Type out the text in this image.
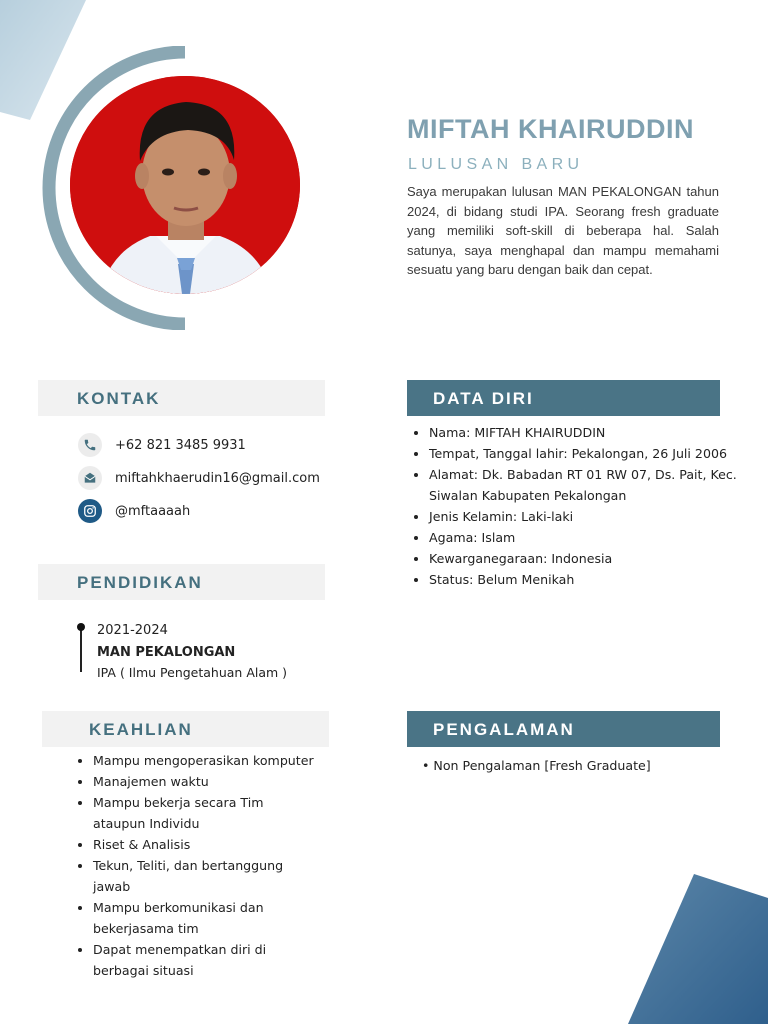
MIFTAH KHAIRUDDIN
LULUSAN BARU
Saya merupakan lulusan MAN PEKALONGAN tahun 2024, di bidang studi IPA. Seorang fresh graduate yang memiliki soft-skill di beberapa hal. Salah satunya, saya menghapal dan mampu memahami sesuatu yang baru dengan baik dan cepat.
KONTAK
+62 821 3485 9931
miftahkhaerudin16@gmail.com
@mftaaaah
DATA DIRI
• Nama: MIFTAH KHAIRUDDIN
• Tempat, Tanggal lahir: Pekalongan, 26 Juli 2006
• Alamat: Dk. Babadan RT 01 RW 07, Ds. Pait, Kec. Siwalan Kabupaten Pekalongan
• Jenis Kelamin: Laki-laki
• Agama: Islam
• Kewarganegaraan: Indonesia
• Status: Belum Menikah
PENDIDIKAN
2021-2024
MAN PEKALONGAN
IPA ( Ilmu Pengetahuan Alam )
KEAHLIAN
• Mampu mengoperasikan komputer
• Manajemen waktu
• Mampu bekerja secara Tim ataupun Individu
• Riset & Analisis
• Tekun, Teliti, dan bertanggung jawab
• Mampu berkomunikasi dan bekerjasama tim
• Dapat menempatkan diri di berbagai situasi
PENGALAMAN
• Non Pengalaman [Fresh Graduate]
